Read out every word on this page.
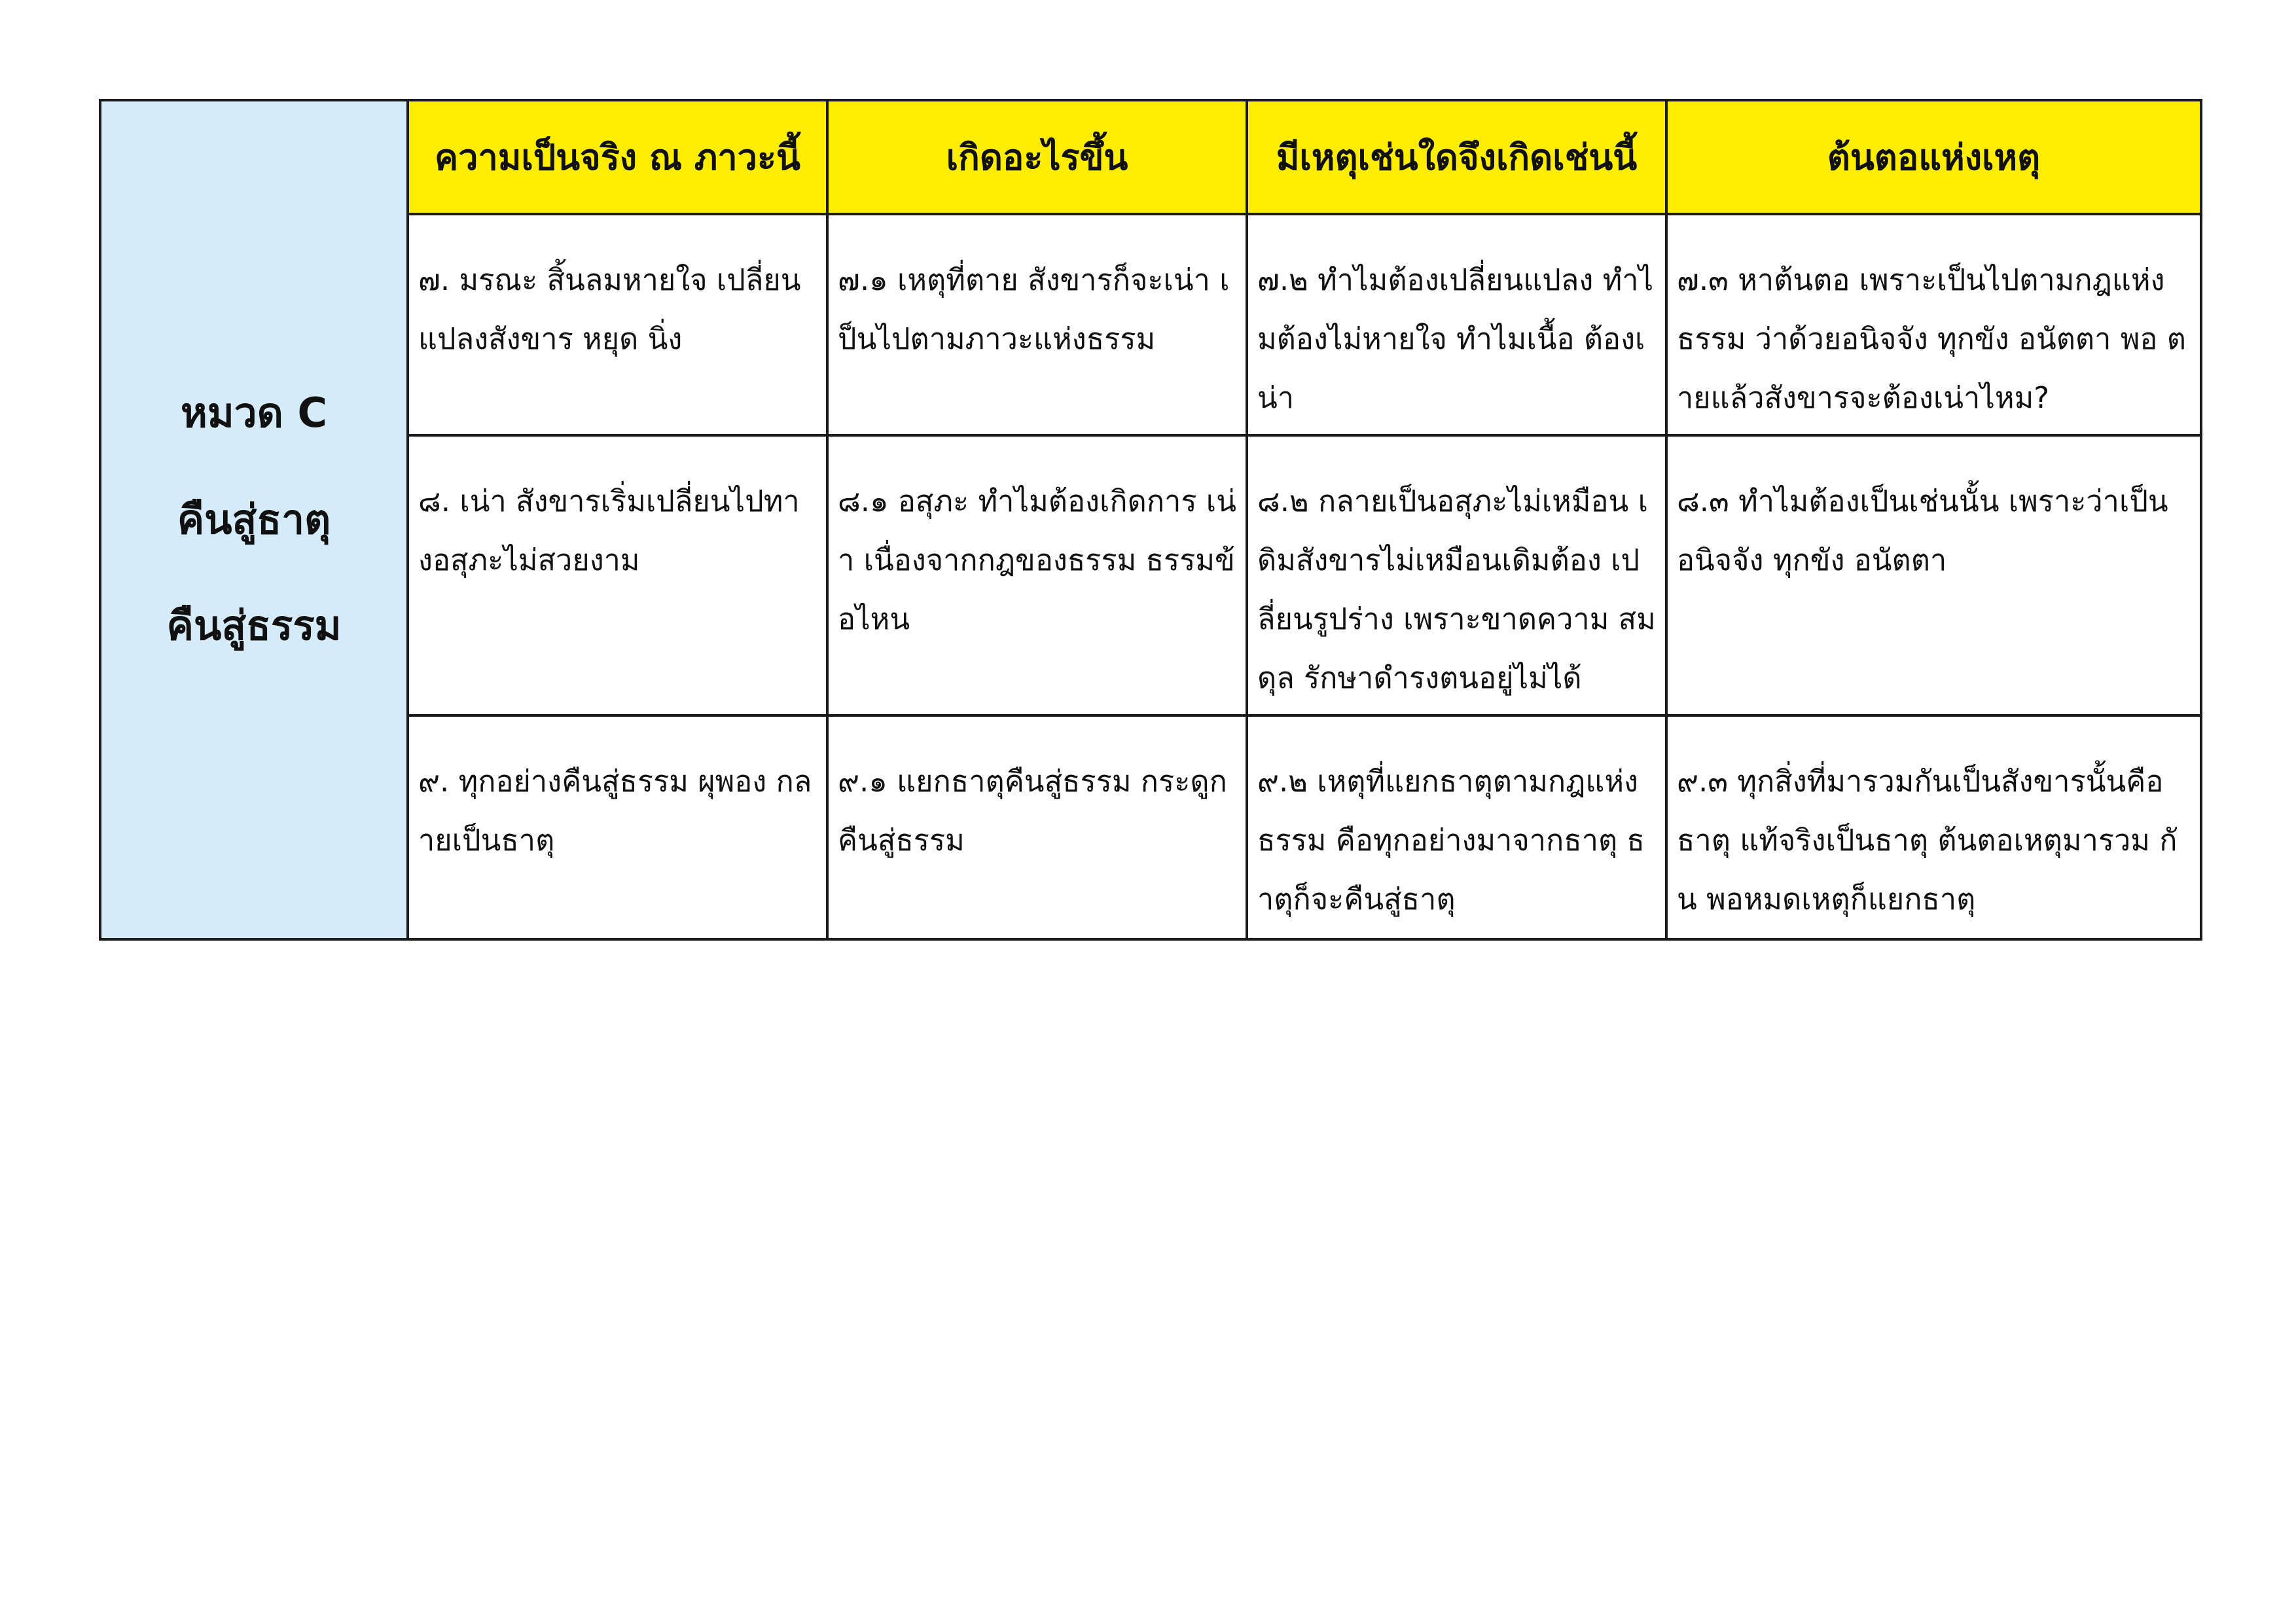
หมวด C
คืนสู่ธาตุ
คืนสู่ธรรม	ความเป็นจริง ณ ภาวะนี้	เกิดอะไรขึ้น	มีเหตุเช่นใดจึงเกิดเช่นนี้	ต้นตอแห่งเหตุ
	๗. มรณะ สิ้นลมหายใจ เปลี่ยนแปลงสังขาร หยุด นิ่ง	๗.๑ เหตุที่ตาย สังขารก็จะเน่า เป็นไปตามภาวะแห่งธรรม	๗.๒ ทำไมต้องเปลี่ยนแปลง ทำไมต้องไม่หายใจ ทำไมเนื้อ ต้องเน่า	๗.๓ หาต้นตอ เพราะเป็นไปตามกฎแห่ง ธรรม ว่าด้วยอนิจจัง ทุกขัง อนัตตา พอ ตายแล้วสังขารจะต้องเน่าไหม?
	๘. เน่า สังขารเริ่มเปลี่ยนไปทา งอสุภะไม่สวยงาม	๘.๑ อสุภะ ทำไมต้องเกิดการ เน่า เนื่องจากกฎของธรรม ธรรมข้อไหน	๘.๒ กลายเป็นอสุภะไม่เหมือน เดิมสังขารไม่เหมือนเดิมต้อง เปลี่ยนรูปร่าง เพราะขาดความ สมดุล รักษาดำรงตนอยู่ไม่ได้	๘.๓ ทำไมต้องเป็นเช่นนั้น เพราะว่าเป็น อนิจจัง ทุกขัง อนัตตา
	๙. ทุกอย่างคืนสู่ธรรม ผุพอง กลายเป็นธาตุ	๙.๑ แยกธาตุคืนสู่ธรรม กระดูก คืนสู่ธรรม	๙.๒ เหตุที่แยกธาตุตามกฎแห่ง ธรรม คือทุกอย่างมาจากธาตุ ธาตุก็จะคืนสู่ธาตุ	๙.๓ ทุกสิ่งที่มารวมกันเป็นสังขารนั้นคือ ธาตุ แท้จริงเป็นธาตุ ต้นตอเหตุมารวม กัน พอหมดเหตุก็แยกธาตุ
